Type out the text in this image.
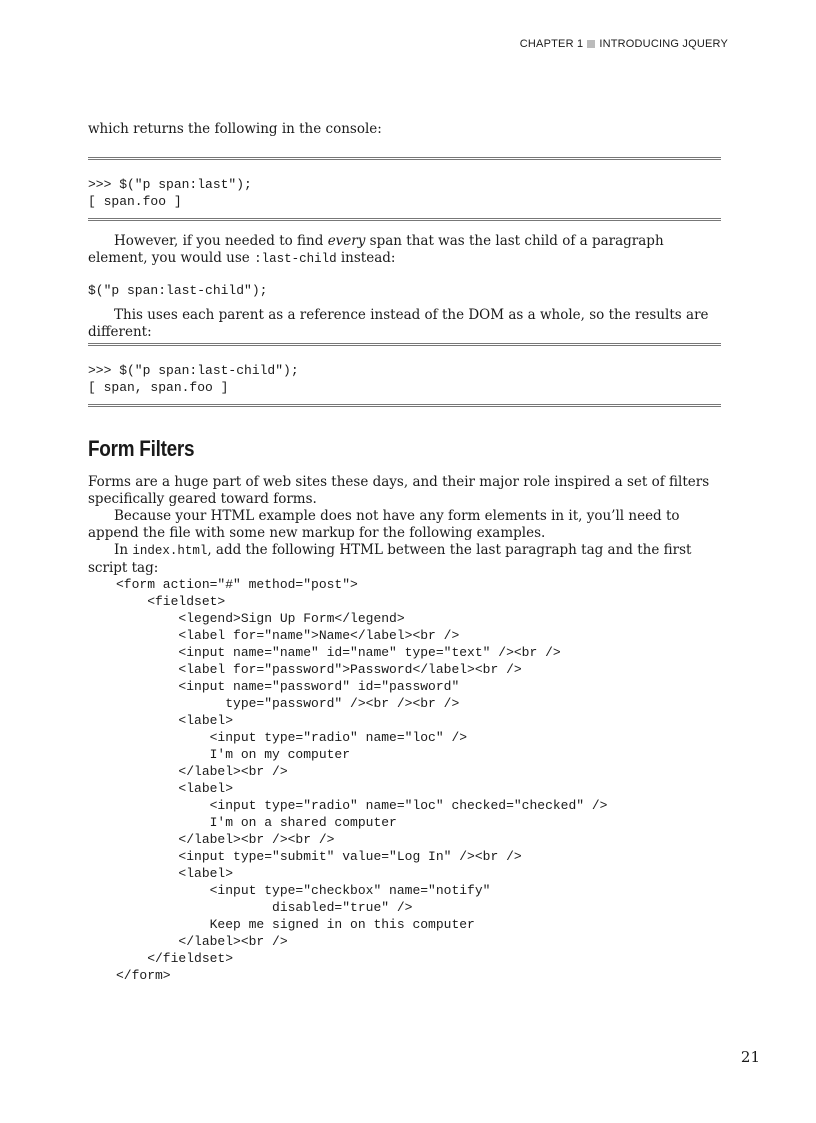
CHAPTER 1 INTRODUCING JQUERY
which returns the following in the console:
>>> $("p span:last");
[ span.foo ]
However, if you needed to find every span that was the last child of a paragraph element, you would use :last-child instead:
$("p span:last-child");
This uses each parent as a reference instead of the DOM as a whole, so the results are different:
>>> $("p span:last-child");
[ span, span.foo ]
Form Filters
Forms are a huge part of web sites these days, and their major role inspired a set of filters specifically geared toward forms.
Because your HTML example does not have any form elements in it, you’ll need to append the file with some new markup for the following examples.
In index.html, add the following HTML between the last paragraph tag and the first script tag:
<form action="#" method="post">
<fieldset>
<legend>Sign Up Form</legend>
<label for="name">Name</label><br />
<input name="name" id="name" type="text" /><br />
<label for="password">Password</label><br />
<input name="password" id="password"
type="password" /><br /><br />
<label>
<input type="radio" name="loc" />
I'm on my computer
</label><br />
<label>
<input type="radio" name="loc" checked="checked" />
I'm on a shared computer
</label><br /><br />
<input type="submit" value="Log In" /><br />
<label>
<input type="checkbox" name="notify"
disabled="true" />
Keep me signed in on this computer
</label><br />
</fieldset>
</form>
21
